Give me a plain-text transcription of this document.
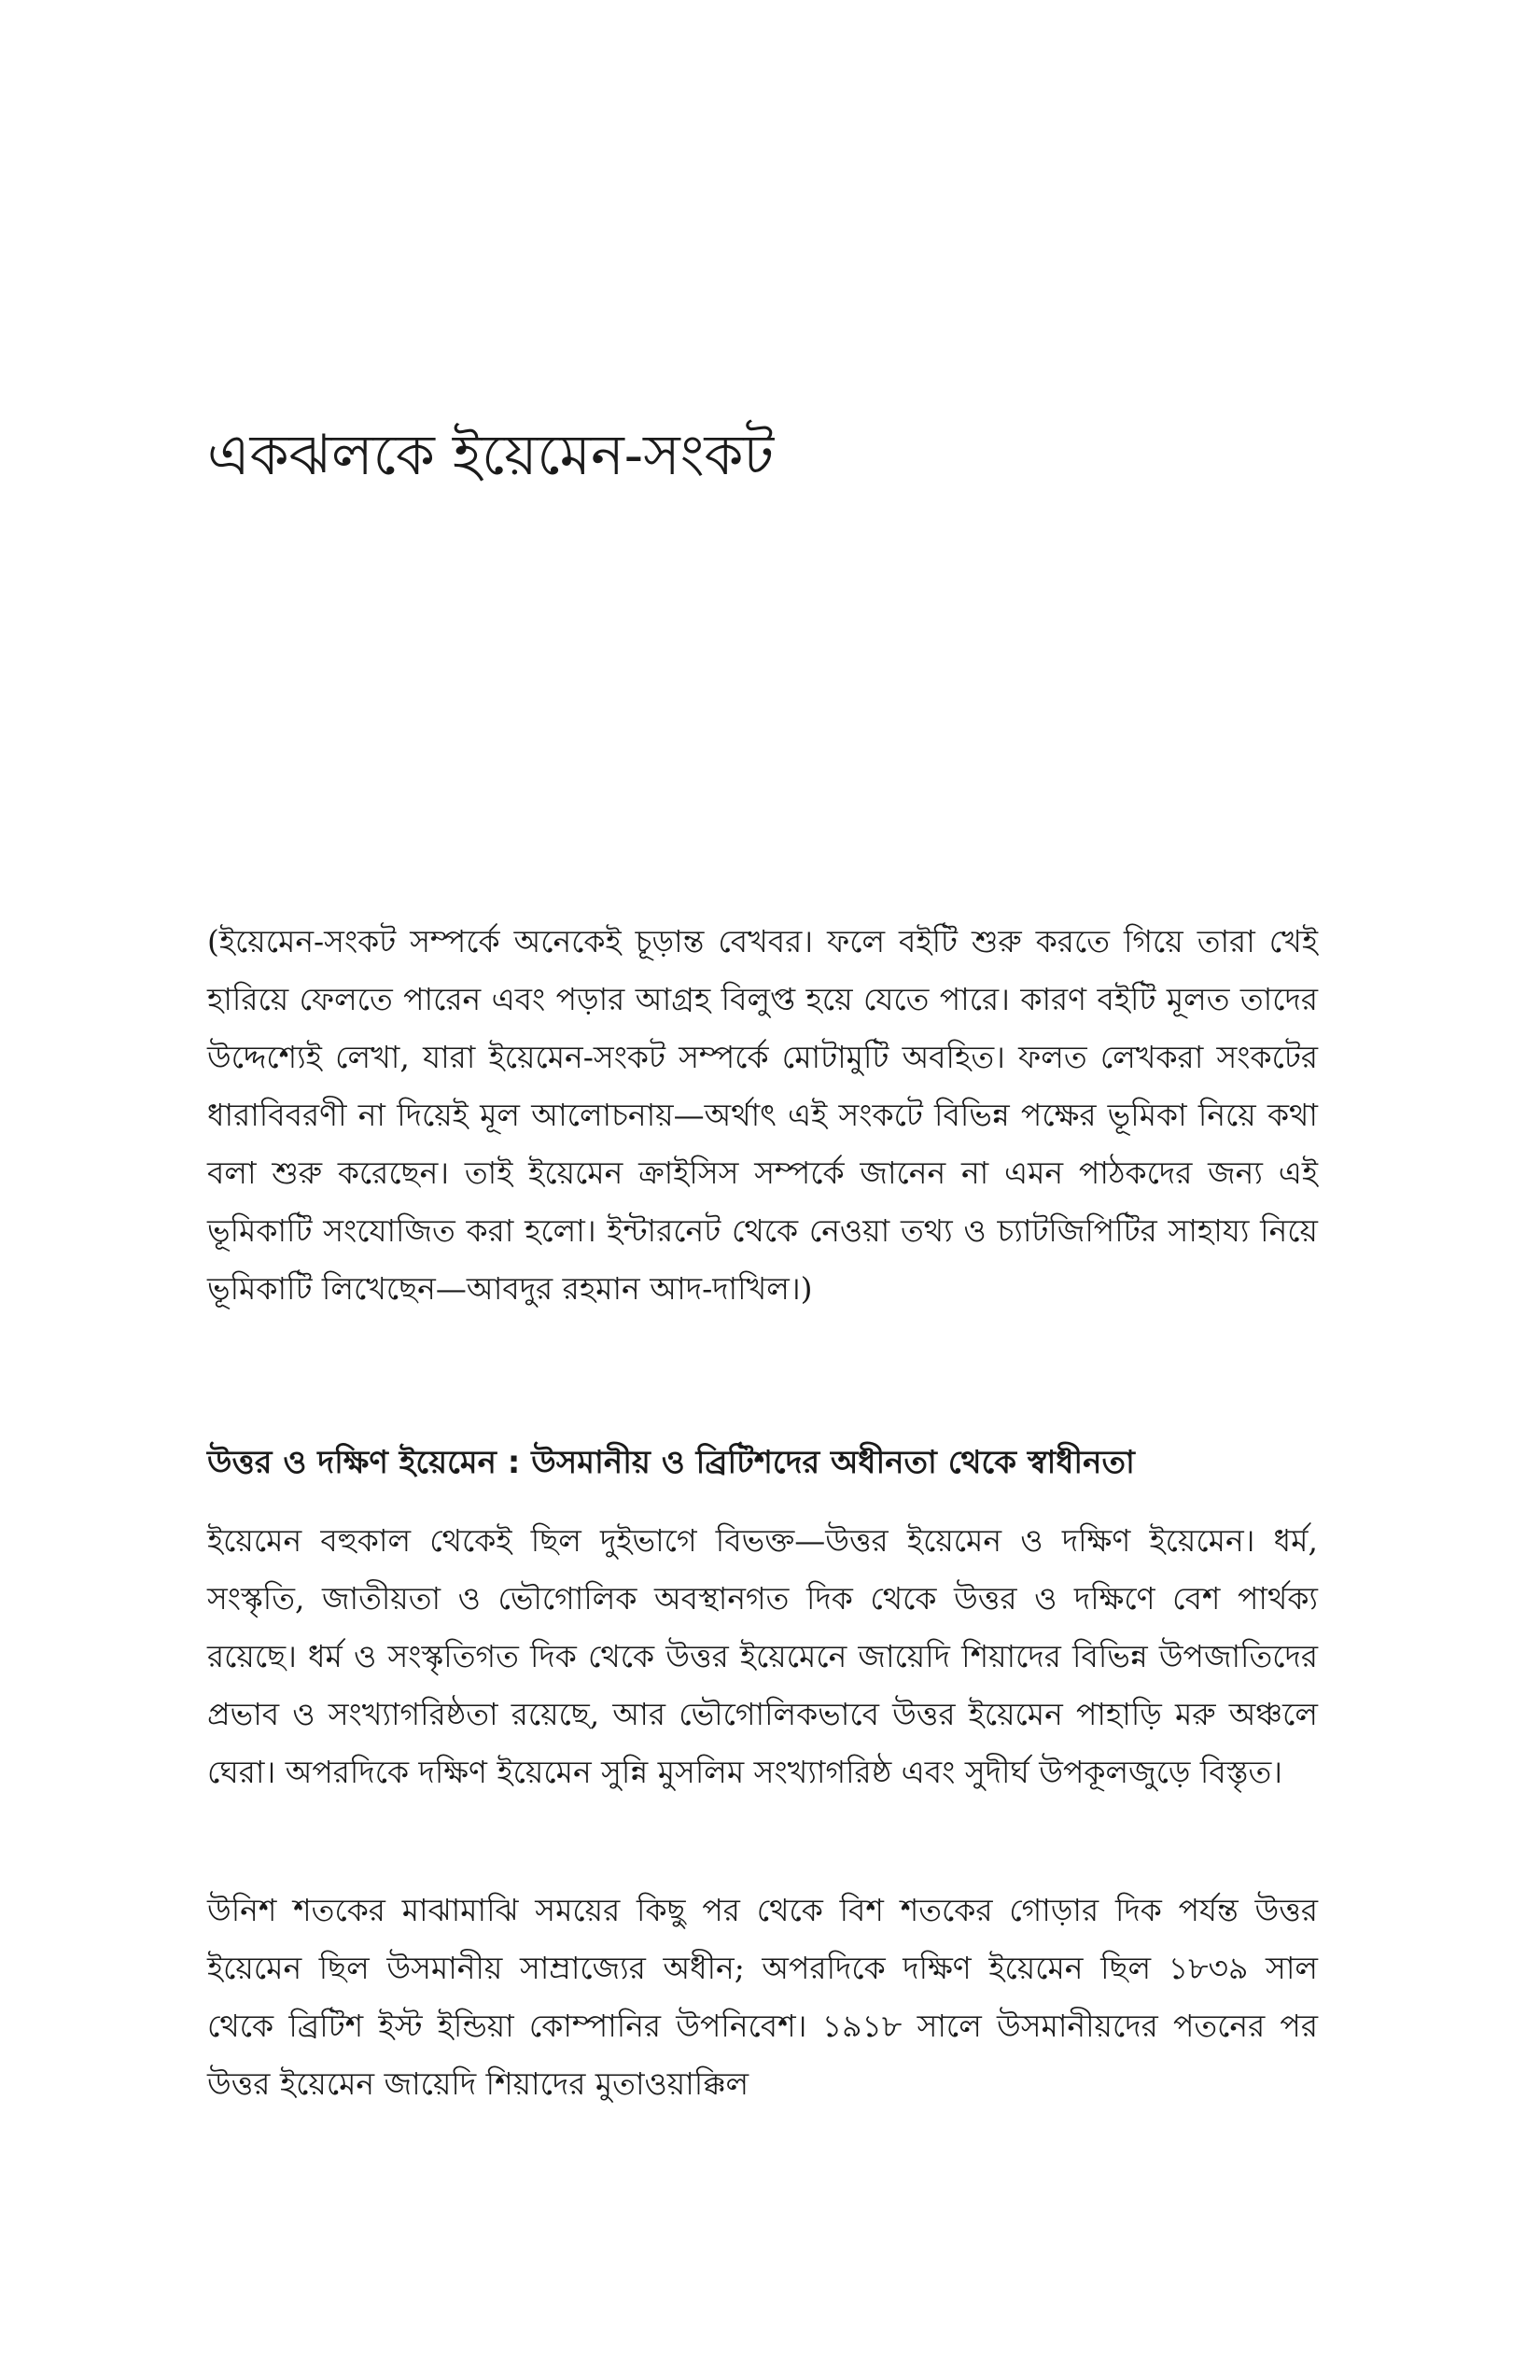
একঝলকে ইয়েমেন-সংকট

(ইয়েমেন-সংকট সম্পর্কে অনেকেই চূড়ান্ত বেখবর। ফলে বইটি শুরু করতে গিয়ে তারা খেই হারিয়ে ফেলতে পারেন এবং পড়ার আগ্রহ বিলুপ্ত হয়ে যেতে পারে। কারণ বইটি মূলত তাদের উদ্দেশ্যেই লেখা, যারা ইয়েমেন-সংকট সম্পর্কে মোটামুটি অবহিত। ফলত লেখকরা সংকটের ধারাবিবরণী না দিয়েই মূল আলোচনায়—অর্থাৎ এই সংকটে বিভিন্ন পক্ষের ভূমিকা নিয়ে কথা বলা শুরু করেছেন। তাই ইয়েমেন ক্রাইসিস সম্পর্কে জানেন না এমন পাঠকদের জন্য এই ভূমিকাটি সংযোজিত করা হলো। ইন্টারনেট থেকে নেওয়া তথ্য ও চ্যাটজিপিটির সাহায্য নিয়ে ভূমিকাটি লিখেছেন—আবদুর রহমান আদ-দাখিল।)

উত্তর ও দক্ষিণ ইয়েমেন : উসমানীয় ও ব্রিটিশদের অধীনতা থেকে স্বাধীনতা

ইয়েমেন বহুকাল থেকেই ছিল দুইভাগে বিভক্ত—উত্তর ইয়েমেন ও দক্ষিণ ইয়েমেন। ধর্ম, সংস্কৃতি, জাতীয়তা ও ভৌগোলিক অবস্থানগত দিক থেকে উত্তর ও দক্ষিণে বেশ পার্থক্য রয়েছে। ধর্ম ও সংস্কৃতিগত দিক থেকে উত্তর ইয়েমেনে জায়েদি শিয়াদের বিভিন্ন উপজাতিদের প্রভাব ও সংখ্যাগরিষ্ঠতা রয়েছে, আর ভৌগোলিকভাবে উত্তর ইয়েমেন পাহাড়ি মরু অঞ্চলে ঘেরা। অপরদিকে দক্ষিণ ইয়েমেন সুন্নি মুসলিম সংখ্যাগরিষ্ঠ এবং সুদীর্ঘ উপকূলজুড়ে বিস্তৃত।

উনিশ শতকের মাঝামাঝি সময়ের কিছু পর থেকে বিশ শতকের গোড়ার দিক পর্যন্ত উত্তর ইয়েমেন ছিল উসমানীয় সাম্রাজ্যের অধীন; অপরদিকে দক্ষিণ ইয়েমেন ছিল ১৮৩৯ সাল থেকে ব্রিটিশ ইস্ট ইন্ডিয়া কোম্পানির উপনিবেশ। ১৯১৮ সালে উসমানীয়দের পতনের পর উত্তর ইয়েমেন জায়েদি শিয়াদের মুতাওয়াক্কিল
